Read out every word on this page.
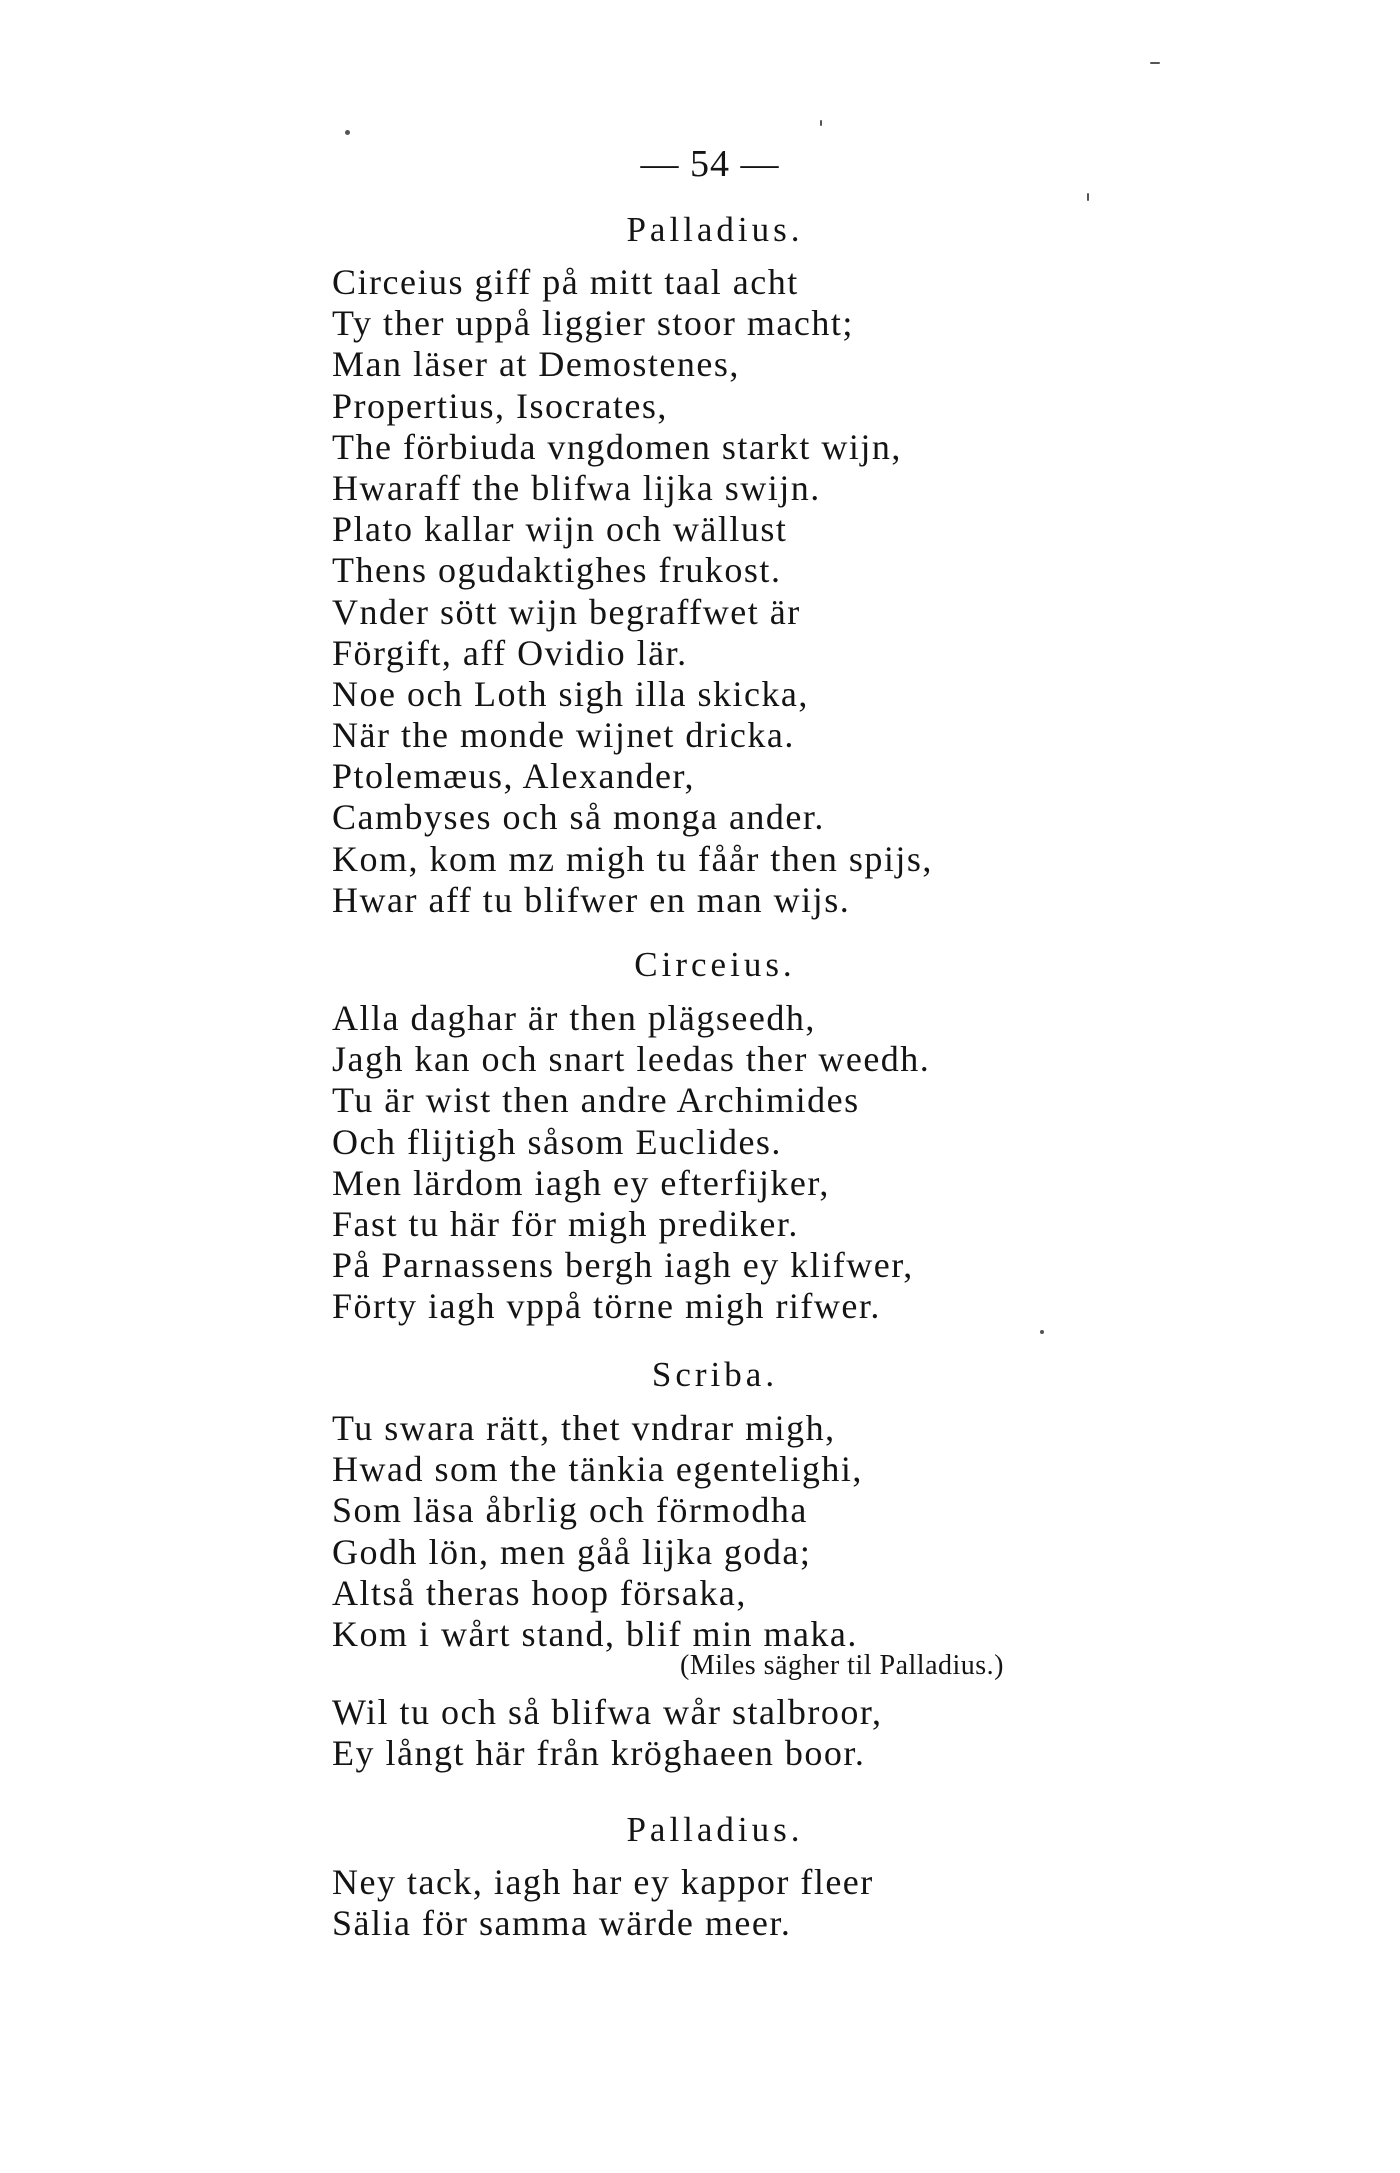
— 54 —
Palladius.
Circeius giff på mitt taal acht
Ty ther uppå liggier stoor macht;
Man läser at Demostenes,
Propertius, Isocrates,
The förbiuda vngdomen starkt wijn,
Hwaraff the blifwa lijka swijn.
Plato kallar wijn och wällust
Thens ogudaktighes frukost.
Vnder sött wijn begraffwet är
Förgift, aff Ovidio lär.
Noe och Loth sigh illa skicka,
När the monde wijnet dricka.
Ptolemæus, Alexander,
Cambyses och så monga ander.
Kom, kom mz migh tu fåår then spijs,
Hwar aff tu blifwer en man wijs.
Circeius.
Alla daghar är then plägseedh,
Jagh kan och snart leedas ther weedh.
Tu är wist then andre Archimides
Och flijtigh såsom Euclides.
Men lärdom iagh ey efterfijker,
Fast tu här för migh prediker.
På Parnassens bergh iagh ey klifwer,
Förty iagh vppå törne migh rifwer.
Scriba.
Tu swara rätt, thet vndrar migh,
Hwad som the tänkia egentelighi,
Som läsa åbrlig och förmodha
Godh lön, men gåå lijka goda;
Altså theras hoop försaka,
Kom i wårt stand, blif min maka.
(Miles sägher til Palladius.)
Wil tu och så blifwa wår stalbroor,
Ey långt här från kröghaeen boor.
Palladius.
Ney tack, iagh har ey kappor fleer
Sälia för samma wärde meer.
